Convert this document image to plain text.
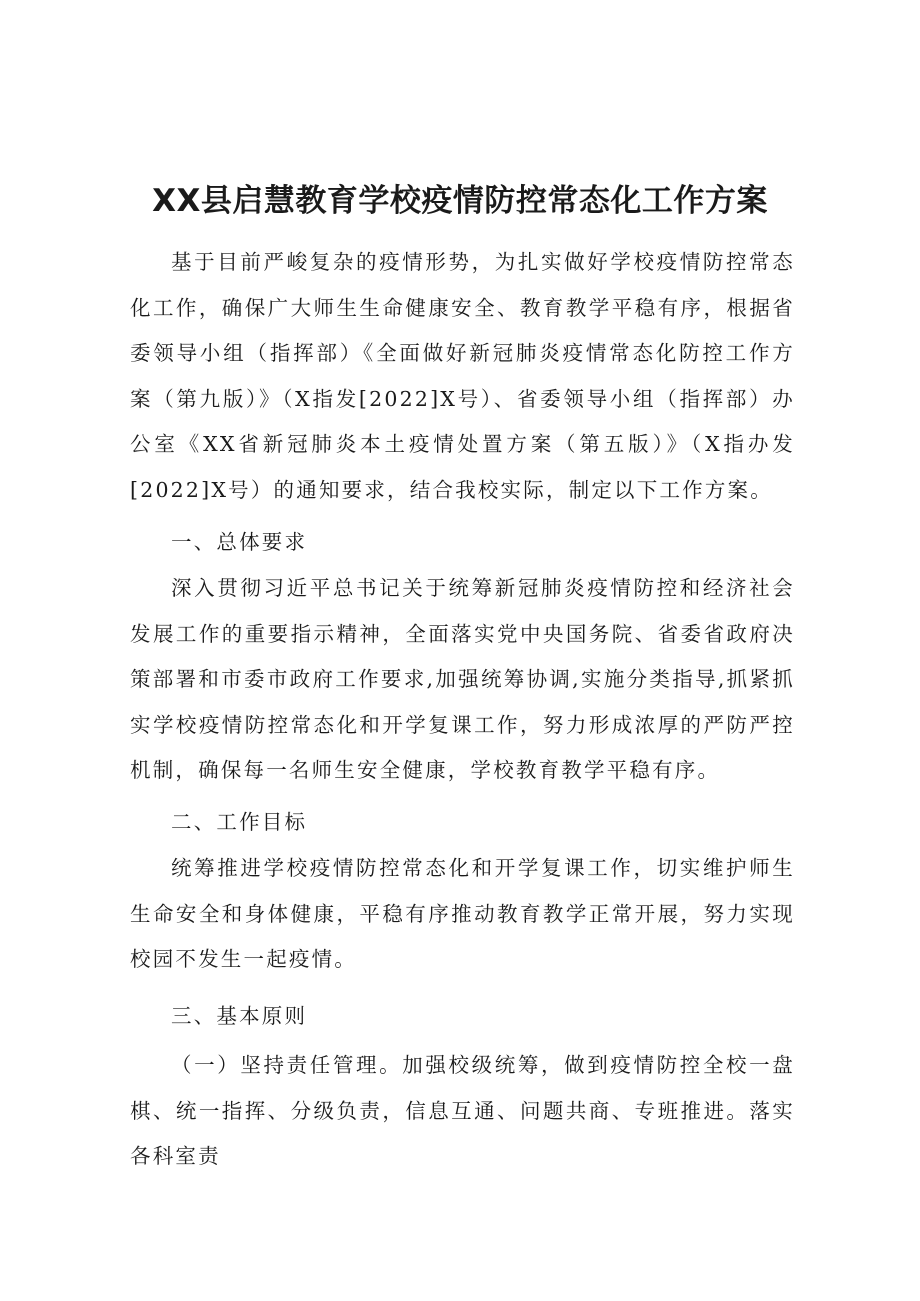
XX县启慧教育学校疫情防控常态化工作方案

基于目前严峻复杂的疫情形势，为扎实做好学校疫情防控常态化工作，确保广大师生生命健康安全、教育教学平稳有序，根据省委领导小组（指挥部）《全面做好新冠肺炎疫情常态化防控工作方案（第九版）》（X指发[2022]X号）、省委领导小组（指挥部）办公室《XX省新冠肺炎本土疫情处置方案（第五版）》（X指办发[2022]X号）的通知要求，结合我校实际，制定以下工作方案。

一、总体要求

深入贯彻习近平总书记关于统筹新冠肺炎疫情防控和经济社会发展工作的重要指示精神，全面落实党中央国务院、省委省政府决策部署和市委市政府工作要求,加强统筹协调,实施分类指导,抓紧抓实学校疫情防控常态化和开学复课工作，努力形成浓厚的严防严控机制，确保每一名师生安全健康，学校教育教学平稳有序。

二、工作目标

统筹推进学校疫情防控常态化和开学复课工作，切实维护师生生命安全和身体健康，平稳有序推动教育教学正常开展，努力实现校园不发生一起疫情。

三、基本原则

（一）坚持责任管理。加强校级统筹，做到疫情防控全校一盘棋、统一指挥、分级负责，信息互通、问题共商、专班推进。落实各科室责
